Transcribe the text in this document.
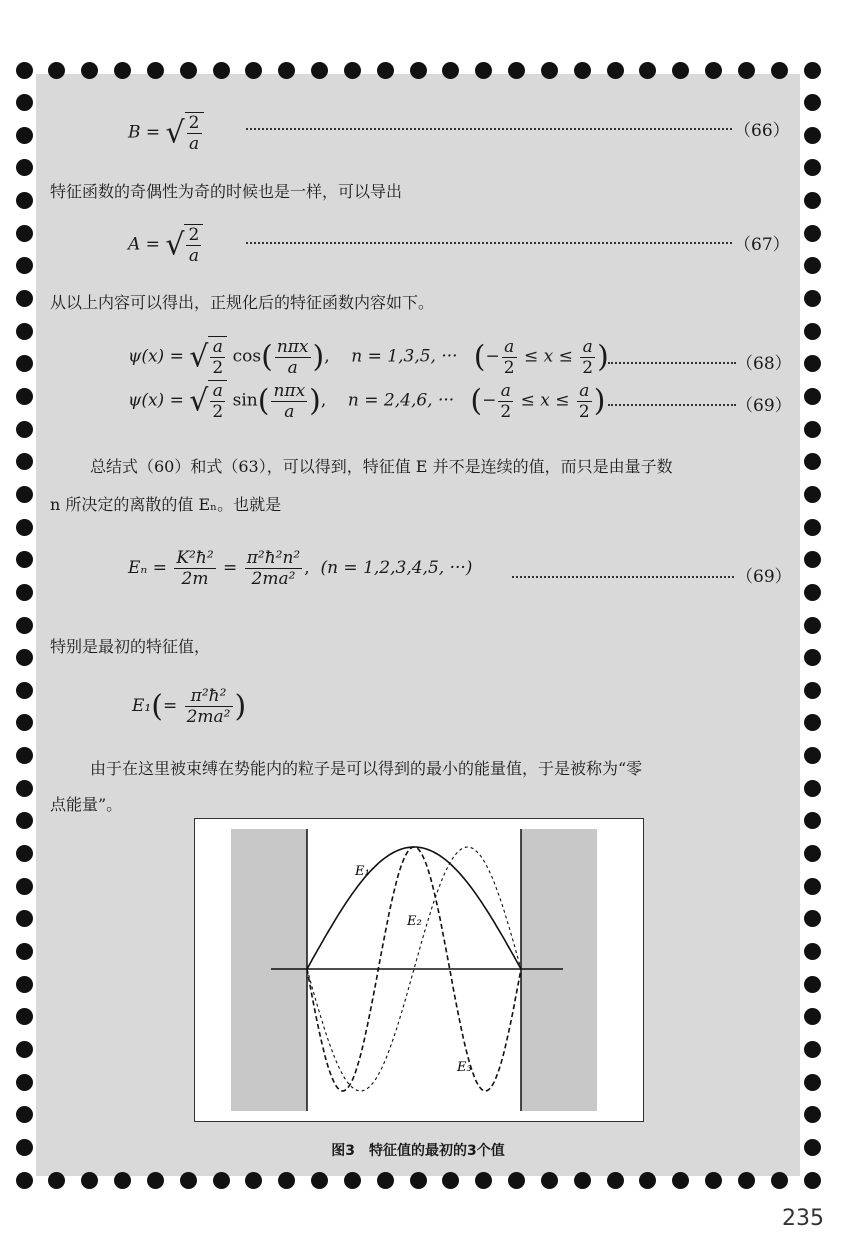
B = √ $\frac{2}{a}$	（66）
特征函数的奇偶性为奇的时候也是一样，可以导出
A = √ $\frac{2}{a}$	（67）
从以上内容可以得出，正规化后的特征函数内容如下。
ψ(x) = √ $\frac{a}{2} \cos( \frac{\text{nπx}}{a}$ ),    n = 1,3,5, ··· (− $\frac{a}{2} \le x \le \frac{a}{2}$ )	（68）
ψ(x) = √ $\frac{a}{2} \sin( \frac{\text{nπx}}{a}$ ),    n = 2,4,6, ··· (− $\frac{a}{2} \le x \le \frac{a}{2}$ )	（69）
总结式（60）和式（63），可以得到，特征值 E 并不是连续的值，而只是由量子数
n 所决定的离散的值 Eₙ。也就是
$E_n = \frac{\text{K²ħ²}}{2m} = \frac{\text{π²ħ²n²}}{\text{2ma²}}$ ,  (n = 1,2,3,4,5, ···)	（69）
特别是最初的特征值，
$E_1(= \frac{\text{π²ħ²}}{\text{2ma²}}$ )
由于在这里被束缚在势能内的粒子是可以得到的最小的能量值，于是被称为“零
点能量”。
E₁
E₂
E₃
图3　特征值的最初的3个值
235
